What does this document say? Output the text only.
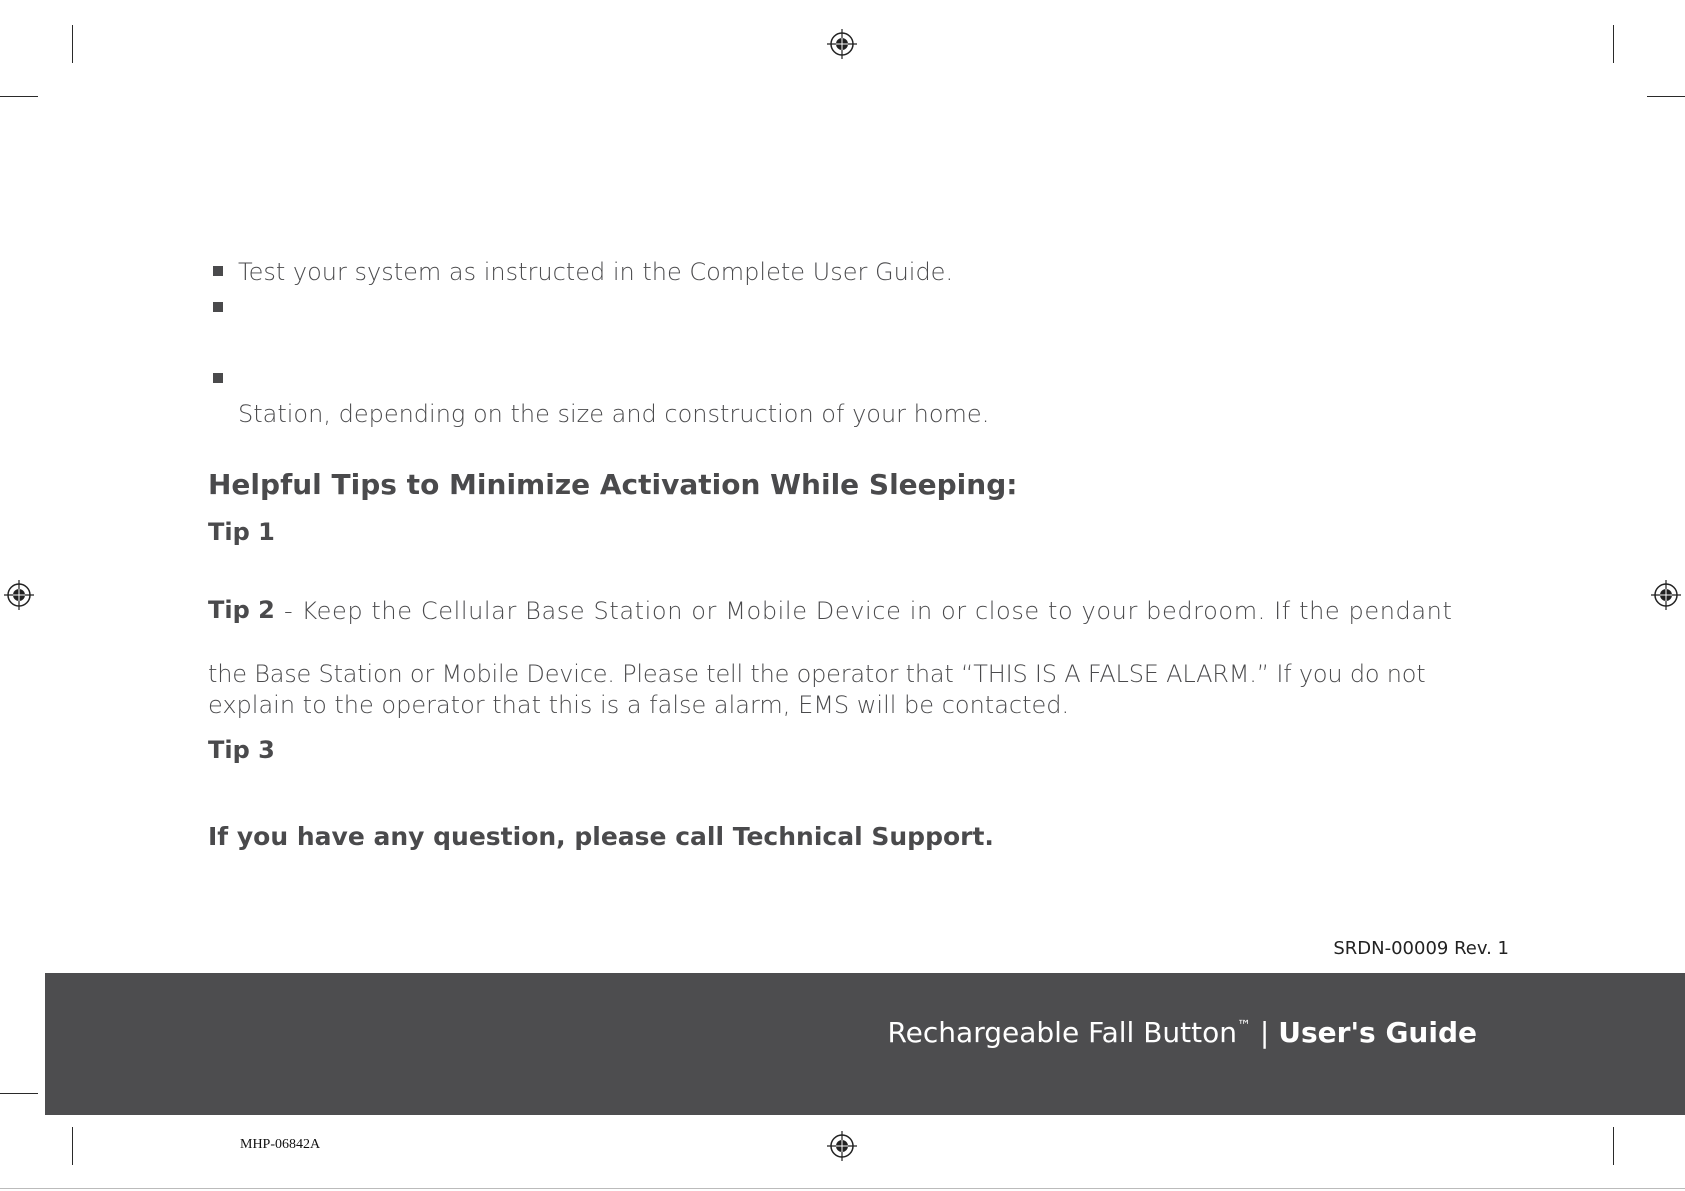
Test your system as instructed in the Complete User Guide.
Station, depending on the size and construction of your home.
Helpful Tips to Minimize Activation While Sleeping:
Tip 1
Tip 2 - Keep the Cellular Base Station or Mobile Device in or close to your bedroom. If the pendant
the Base Station or Mobile Device. Please tell the operator that “THIS IS A FALSE ALARM.” If you do not
explain to the operator that this is a false alarm, EMS will be contacted.
Tip 3
If you have any question, please call Technical Support.
SRDN-00009 Rev. 1
Rechargeable Fall Button™ | User's Guide
MHP-06842A
